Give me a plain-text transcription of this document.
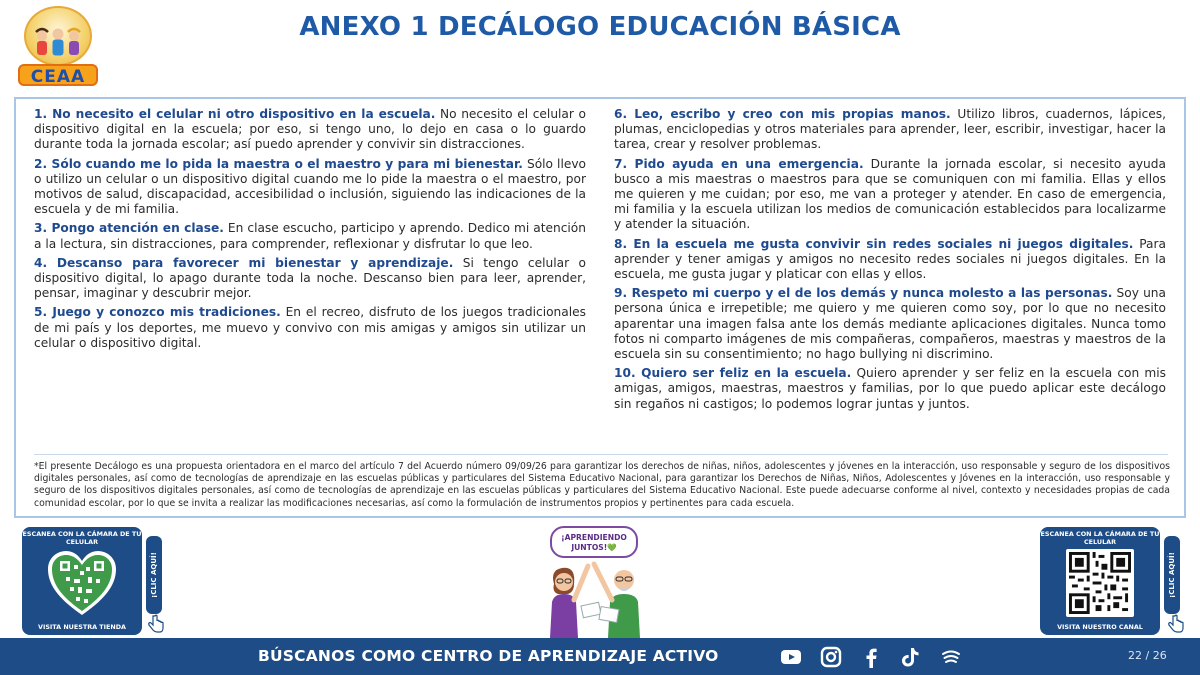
CEAA
ANEXO 1 DECÁLOGO EDUCACIÓN BÁSICA

1. No necesito el celular ni otro dispositivo en la escuela. No necesito el celular o dispositivo digital en la escuela; por eso, si tengo uno, lo dejo en casa o lo guardo durante toda la jornada escolar; así puedo aprender y convivir sin distracciones.

2. Sólo cuando me lo pida la maestra o el maestro y para mi bienestar. Sólo llevo o utilizo un celular o un dispositivo digital cuando me lo pide la maestra o el maestro, por motivos de salud, discapacidad, accesibilidad o inclusión, siguiendo las indicaciones de la escuela y de mi familia.

3. Pongo atención en clase. En clase escucho, participo y aprendo. Dedico mi atención a la lectura, sin distracciones, para comprender, reflexionar y disfrutar lo que leo.

4. Descanso para favorecer mi bienestar y aprendizaje. Si tengo celular o dispositivo digital, lo apago durante toda la noche. Descanso bien para leer, aprender, pensar, imaginar y descubrir mejor.

5. Juego y conozco mis tradiciones. En el recreo, disfruto de los juegos tradicionales de mi país y los deportes, me muevo y convivo con mis amigas y amigos sin utilizar un celular o dispositivo digital.

6. Leo, escribo y creo con mis propias manos. Utilizo libros, cuadernos, lápices, plumas, enciclopedias y otros materiales para aprender, leer, escribir, investigar, hacer la tarea, crear y resolver problemas.

7. Pido ayuda en una emergencia. Durante la jornada escolar, si necesito ayuda busco a mis maestras o maestros para que se comuniquen con mi familia. Ellas y ellos me quieren y me cuidan; por eso, me van a proteger y atender. En caso de emergencia, mi familia y la escuela utilizan los medios de comunicación establecidos para localizarme y atender la situación.

8. En la escuela me gusta convivir sin redes sociales ni juegos digitales. Para aprender y tener amigas y amigos no necesito redes sociales ni juegos digitales. En la escuela, me gusta jugar y platicar con ellas y ellos.

9. Respeto mi cuerpo y el de los demás y nunca molesto a las personas. Soy una persona única e irrepetible; me quiero y me quieren como soy, por lo que no necesito aparentar una imagen falsa ante los demás mediante aplicaciones digitales. Nunca tomo fotos ni comparto imágenes de mis compañeras, compañeros, maestras y maestros de la escuela sin su consentimiento; no hago bullying ni discrimino.

10. Quiero ser feliz en la escuela. Quiero aprender y ser feliz en la escuela con mis amigas, amigos, maestras, maestros y familias, por lo que puedo aplicar este decálogo sin regaños ni castigos; lo podemos lograr juntas y juntos.

*El presente Decálogo es una propuesta orientadora en el marco del artículo 7 del Acuerdo número 09/09/26 para garantizar los derechos de niñas, niños, adolescentes y jóvenes en la interacción, uso responsable y seguro de los dispositivos digitales personales, así como de tecnologías de aprendizaje en las escuelas públicas y particulares del Sistema Educativo Nacional, para garantizar los Derechos de Niñas, Niños, Adolescentes y Jóvenes en la interacción, uso responsable y seguro de los dispositivos digitales personales, así como de tecnologías de aprendizaje en las escuelas públicas y particulares del Sistema Educativo Nacional. Este puede adecuarse conforme al nivel, contexto y necesidades propias de cada comunidad escolar, por lo que se invita a realizar las modificaciones necesarias, así como la formulación de instrumentos propios y pertinentes para cada escuela.

ESCANEA CON LA CÁMARA DE TU CELULAR
VISITA NUESTRA TIENDA
¡CLIC AQUÍ!
¡APRENDIENDO JUNTOS!💚
ESCANEA CON LA CÁMARA DE TU CELULAR
VISITA NUESTRO CANAL
¡CLIC AQUÍ!
BÚSCANOS COMO CENTRO DE APRENDIZAJE ACTIVO	22 / 26
